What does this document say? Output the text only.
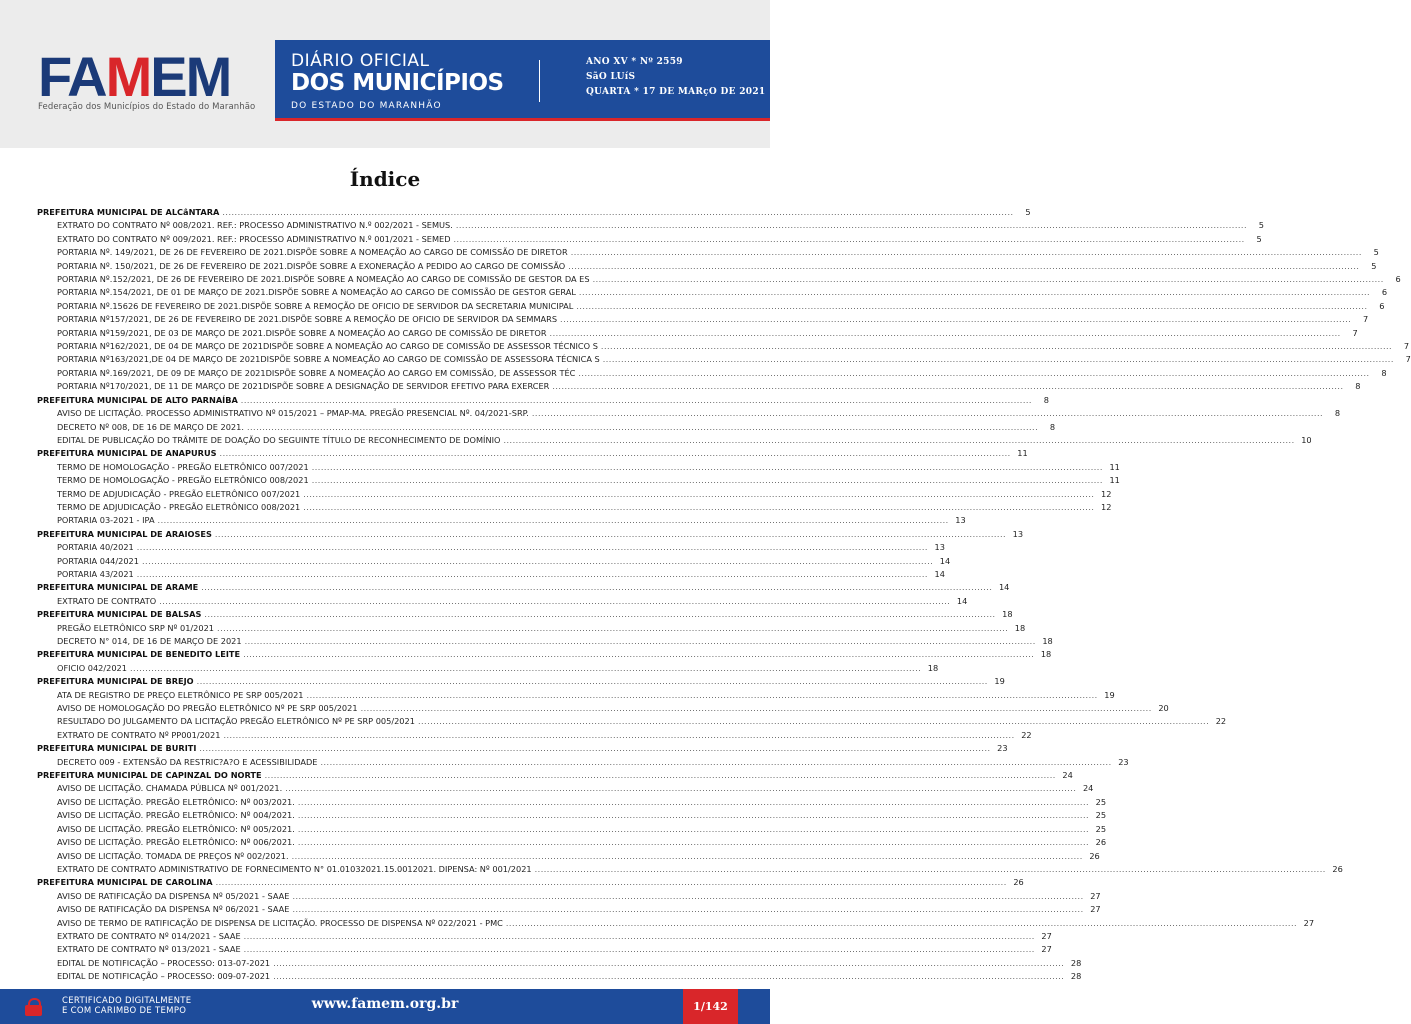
FAMEM
Federação dos Municípios do Estado do Maranhão
DIÁRIO OFICIAL
DOS MUNICÍPIOS
DO ESTADO DO MARANHÃO
ANO XV * Nº 2559
SãO LUíS
QUARTA * 17 DE MARçO DE 2021
Índice
PREFEITURA MUNICIPAL DE ALCâNTARA ....................................................................................................................................................................................................................................................................	5
EXTRATO DO CONTRATO Nº 008/2021. REF.: PROCESSO ADMINISTRATIVO N.º 002/2021 - SEMUS. ....................................................................................................................................................................................................................................................................	5
EXTRATO DO CONTRATO Nº 009/2021. REF.: PROCESSO ADMINISTRATIVO N.º 001/2021 - SEMED ....................................................................................................................................................................................................................................................................	5
PORTARIA Nº. 149/2021, DE 26 DE FEVEREIRO DE 2021.DISPÕE SOBRE A NOMEAÇÃO AO CARGO DE COMISSÃO DE DIRETOR ....................................................................................................................................................................................................................................................................	5
PORTARIA Nº. 150/2021, DE 26 DE FEVEREIRO DE 2021.DISPÕE SOBRE A EXONERAÇÃO A PEDIDO AO CARGO DE COMISSÃO ....................................................................................................................................................................................................................................................................	5
PORTARIA Nº.152/2021, DE 26 DE FEVEREIRO DE 2021.DISPÕE SOBRE A NOMEAÇÃO AO CARGO DE COMISSÃO DE GESTOR DA ES ....................................................................................................................................................................................................................................................................	6
PORTARIA Nº.154/2021, DE 01 DE MARÇO DE 2021.DISPÕE SOBRE A NOMEAÇÃO AO CARGO DE COMISSÃO DE GESTOR GERAL ....................................................................................................................................................................................................................................................................	6
PORTARIA Nº.15626 DE FEVEREIRO DE 2021.DISPÕE SOBRE A REMOÇÃO DE OFICIO DE SERVIDOR DA SECRETARIA MUNICIPAL ....................................................................................................................................................................................................................................................................	6
PORTARIA Nº157/2021, DE 26 DE FEVEREIRO DE 2021.DISPÕE SOBRE A REMOÇÃO DE OFICIO DE SERVIDOR DA SEMMARS ....................................................................................................................................................................................................................................................................	7
PORTARIA Nº159/2021, DE 03 DE MARÇO DE 2021.DISPÕE SOBRE A NOMEAÇÃO AO CARGO DE COMISSÃO DE DIRETOR ....................................................................................................................................................................................................................................................................	7
PORTARIA Nº162/2021, DE 04 DE MARÇO DE 2021DISPÕE SOBRE A NOMEAÇÃO AO CARGO DE COMISSÃO DE ASSESSOR TÉCNICO S ....................................................................................................................................................................................................................................................................	7
PORTARIA Nº163/2021,DE 04 DE MARÇO DE 2021DISPÕE SOBRE A NOMEAÇÃO AO CARGO DE COMISSÃO DE ASSESSORA TÉCNICA S ....................................................................................................................................................................................................................................................................	7
PORTARIA Nº.169/2021, DE 09 DE MARÇO DE 2021DISPÕE SOBRE A NOMEAÇÃO AO CARGO EM COMISSÃO, DE ASSESSOR TÉC ....................................................................................................................................................................................................................................................................	8
PORTARIA Nº170/2021, DE 11 DE MARÇO DE 2021DISPÕE SOBRE A DESIGNAÇÃO DE SERVIDOR EFETIVO PARA EXERCER ....................................................................................................................................................................................................................................................................	8
PREFEITURA MUNICIPAL DE ALTO PARNAÍBA ....................................................................................................................................................................................................................................................................	8
AVISO DE LICITAÇÃO. PROCESSO ADMINISTRATIVO Nº 015/2021 – PMAP-MA. PREGÃO PRESENCIAL Nº. 04/2021-SRP. ....................................................................................................................................................................................................................................................................	8
DECRETO Nº 008, DE 16 DE MARÇO DE 2021. ....................................................................................................................................................................................................................................................................	8
EDITAL DE PUBLICAÇÃO DO TRÂMITE DE DOAÇÃO DO SEGUINTE TÍTULO DE RECONHECIMENTO DE DOMÍNIO .................................................................................................................................................................................................................................................................... 10
PREFEITURA MUNICIPAL DE ANAPURUS .................................................................................................................................................................................................................................................................... 11
TERMO DE HOMOLOGAÇÃO - PREGÃO ELETRÔNICO 007/2021 .................................................................................................................................................................................................................................................................... 11
TERMO DE HOMOLOGAÇÃO - PREGÃO ELETRÔNICO 008/2021 .................................................................................................................................................................................................................................................................... 11
TERMO DE ADJUDICAÇÃO - PREGÃO ELETRÔNICO 007/2021 .................................................................................................................................................................................................................................................................... 12
TERMO DE ADJUDICAÇÃO - PREGÃO ELETRÔNICO 008/2021 .................................................................................................................................................................................................................................................................... 12
PORTARIA 03-2021 - IPA .................................................................................................................................................................................................................................................................... 13
PREFEITURA MUNICIPAL DE ARAIOSES .................................................................................................................................................................................................................................................................... 13
PORTARIA 40/2021 .................................................................................................................................................................................................................................................................... 13
PORTARIA 044/2021 .................................................................................................................................................................................................................................................................... 14
PORTARIA 43/2021 .................................................................................................................................................................................................................................................................... 14
PREFEITURA MUNICIPAL DE ARAME .................................................................................................................................................................................................................................................................... 14
EXTRATO DE CONTRATO .................................................................................................................................................................................................................................................................... 14
PREFEITURA MUNICIPAL DE BALSAS .................................................................................................................................................................................................................................................................... 18
PREGÃO ELETRÔNICO SRP Nº 01/2021 .................................................................................................................................................................................................................................................................... 18
DECRETO N° 014, DE 16 DE MARÇO DE 2021 .................................................................................................................................................................................................................................................................... 18
PREFEITURA MUNICIPAL DE BENEDITO LEITE .................................................................................................................................................................................................................................................................... 18
OFICIO 042/2021 .................................................................................................................................................................................................................................................................... 18
PREFEITURA MUNICIPAL DE BREJO .................................................................................................................................................................................................................................................................... 19
ATA DE REGISTRO DE PREÇO ELETRÔNICO PE SRP 005/2021 .................................................................................................................................................................................................................................................................... 19
AVISO DE HOMOLOGAÇÃO DO PREGÃO ELETRÔNICO Nº PE SRP 005/2021 .................................................................................................................................................................................................................................................................... 20
RESULTADO DO JULGAMENTO DA LICITAÇÃO PREGÃO ELETRÔNICO Nº PE SRP 005/2021 .................................................................................................................................................................................................................................................................... 22
EXTRATO DE CONTRATO Nº PP001/2021 .................................................................................................................................................................................................................................................................... 22
PREFEITURA MUNICIPAL DE BURITI .................................................................................................................................................................................................................................................................... 23
DECRETO 009 - EXTENSÃO DA RESTRIC?A?O E ACESSIBILIDADE .................................................................................................................................................................................................................................................................... 23
PREFEITURA MUNICIPAL DE CAPINZAL DO NORTE .................................................................................................................................................................................................................................................................... 24
AVISO DE LICITAÇÃO. CHAMADA PÚBLICA Nº 001/2021. .................................................................................................................................................................................................................................................................... 24
AVISO DE LICITAÇÃO. PREGÃO ELETRÔNICO: Nº 003/2021. .................................................................................................................................................................................................................................................................... 25
AVISO DE LICITAÇÃO. PREGÃO ELETRÔNICO: Nº 004/2021. .................................................................................................................................................................................................................................................................... 25
AVISO DE LICITAÇÃO. PREGÃO ELETRÔNICO: Nº 005/2021. .................................................................................................................................................................................................................................................................... 25
AVISO DE LICITAÇÃO. PREGÃO ELETRÔNICO: Nº 006/2021. .................................................................................................................................................................................................................................................................... 26
AVISO DE LICITAÇÃO. TOMADA DE PREÇOS Nº 002/2021. .................................................................................................................................................................................................................................................................... 26
EXTRATO DE CONTRATO ADMINISTRATIVO DE FORNECIMENTO N° 01.01032021.15.0012021. DIPENSA: Nº 001/2021 .................................................................................................................................................................................................................................................................... 26
PREFEITURA MUNICIPAL DE CAROLINA .................................................................................................................................................................................................................................................................... 26
AVISO DE RATIFICAÇÃO DA DISPENSA Nº 05/2021 - SAAE .................................................................................................................................................................................................................................................................... 27
AVISO DE RATIFICAÇÃO DA DISPENSA Nº 06/2021 - SAAE .................................................................................................................................................................................................................................................................... 27
AVISO DE TERMO DE RATIFICAÇÃO DE DISPENSA DE LICITAÇÃO. PROCESSO DE DISPENSA Nº 022/2021 - PMC .................................................................................................................................................................................................................................................................... 27
EXTRATO DE CONTRATO Nº 014/2021 - SAAE .................................................................................................................................................................................................................................................................... 27
EXTRATO DE CONTRATO Nº 013/2021 - SAAE .................................................................................................................................................................................................................................................................... 27
EDITAL DE NOTIFICAÇÃO – PROCESSO: 013-07-2021 .................................................................................................................................................................................................................................................................... 28
EDITAL DE NOTIFICAÇÃO – PROCESSO: 009-07-2021 .................................................................................................................................................................................................................................................................... 28
CERTIFICADO DIGITALMENTE
E COM CARIMBO DE TEMPO	www.famem.org.br	1/142
